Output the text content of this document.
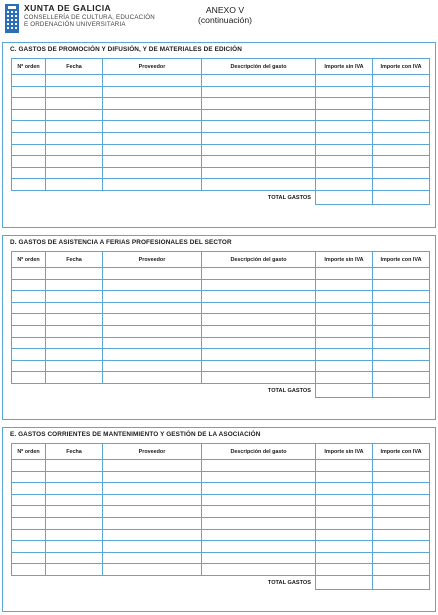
XUNTA DE GALICIA
CONSELLERÍA DE CULTURA, EDUCACIÓN
E ORDENACIÓN UNIVERSITARIA
ANEXO V
(continuación)
C. GASTOS DE PROMOCIÓN Y DIFUSIÓN, Y DE MATERIALES DE EDICIÓN
Nº orden	Fecha	Proveedor	Descripción del gasto	Importe sin IVA	Importe con IVA

			TOTAL GASTOS		
D. GASTOS DE ASISTENCIA A FERIAS PROFESIONALES DEL SECTOR
Nº orden	Fecha	Proveedor	Descripción del gasto	Importe sin IVA	Importe con IVA

			TOTAL GASTOS		
E. GASTOS CORRIENTES DE MANTENIMIENTO Y GESTIÓN DE LA ASOCIACIÓN
Nº orden	Fecha	Proveedor	Descripción del gasto	Importe sin IVA	Importe con IVA

			TOTAL GASTOS		
